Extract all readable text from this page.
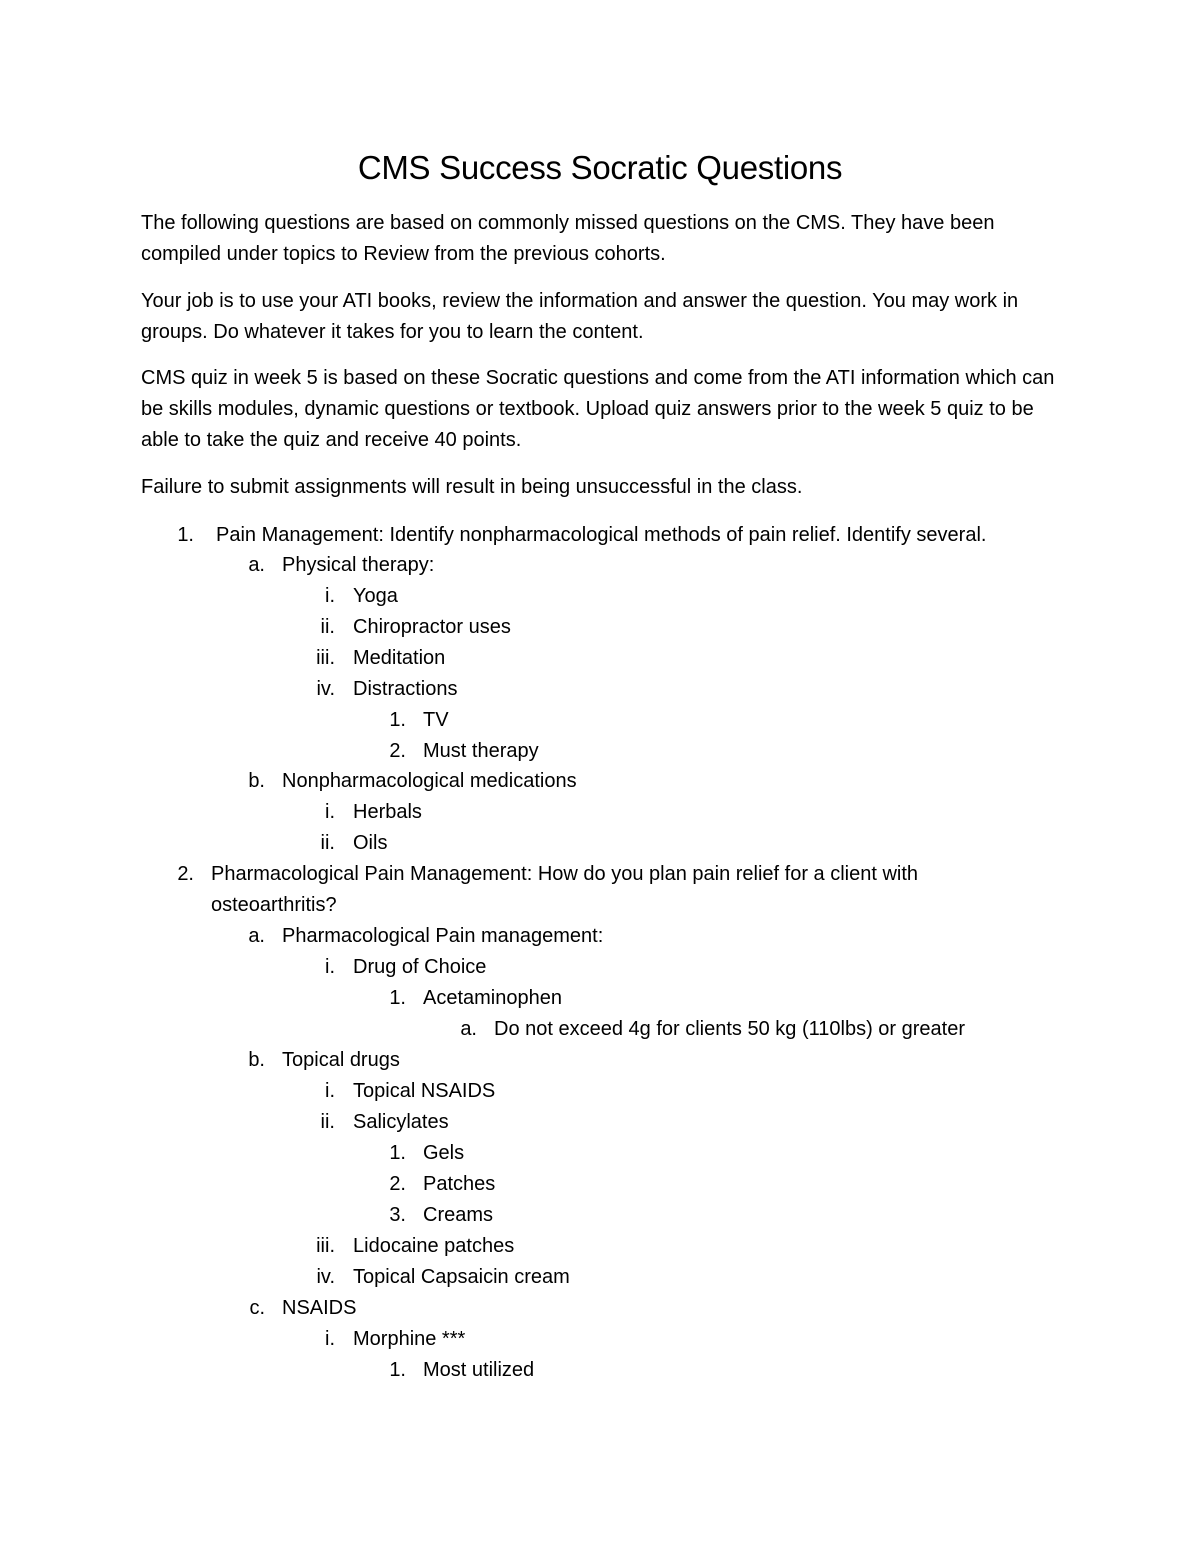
CMS Success Socratic Questions

The following questions are based on commonly missed questions on the CMS. They have been compiled under topics to Review from the previous cohorts.

Your job is to use your ATI books, review the information and answer the question. You may work in groups. Do whatever it takes for you to learn the content.

CMS quiz in week 5 is based on these Socratic questions and come from the ATI information which can be skills modules, dynamic questions or textbook. Upload quiz answers prior to the week 5 quiz to be able to take the quiz and receive 40 points.

Failure to submit assignments will result in being unsuccessful in the class.

1. Pain Management: Identify nonpharmacological methods of pain relief. Identify several.
a. Physical therapy:
i. Yoga
ii. Chiropractor uses
iii. Meditation
iv. Distractions
1. TV
2. Must therapy
b. Nonpharmacological medications
i. Herbals
ii. Oils
2. Pharmacological Pain Management: How do you plan pain relief for a client with
osteoarthritis?
a. Pharmacological Pain management:
i. Drug of Choice
1. Acetaminophen
a. Do not exceed 4g for clients 50 kg (110lbs) or greater
b. Topical drugs
i. Topical NSAIDS
ii. Salicylates
1. Gels
2. Patches
3. Creams
iii. Lidocaine patches
iv. Topical Capsaicin cream
c. NSAIDS
i. Morphine ***
1. Most utilized
